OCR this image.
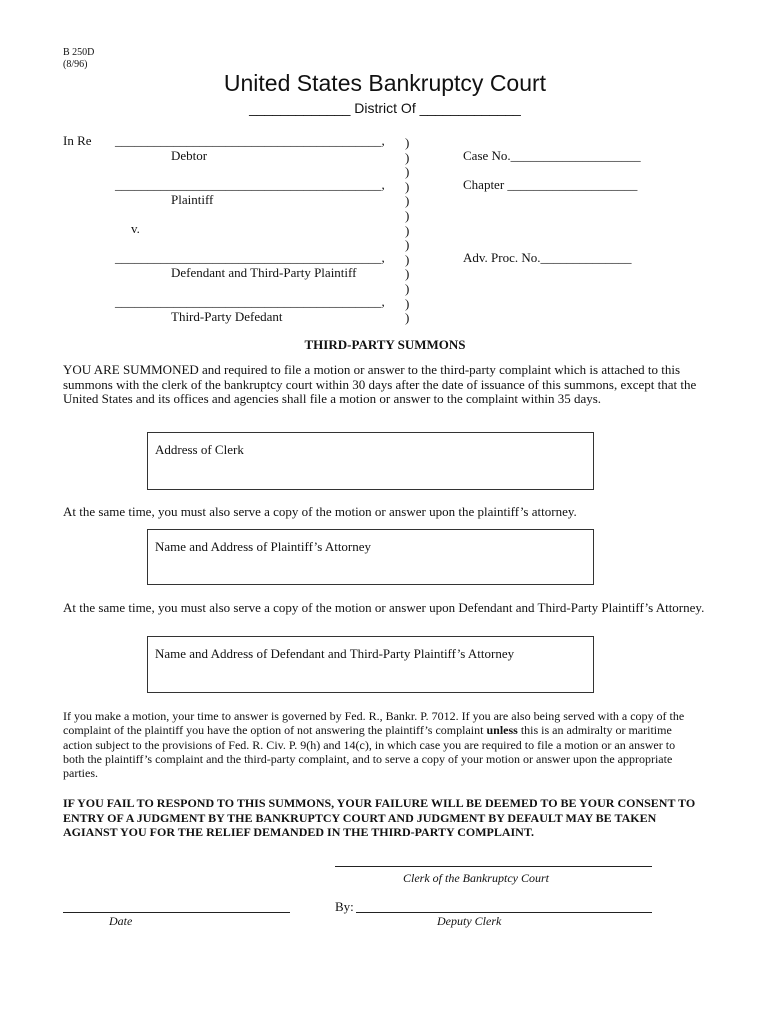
B 250D
(8/96)
United States Bankruptcy Court
_____________ District Of _____________
In Re _________________________________________,
Debtor
_________________________________________,
Plaintiff
v.
_________________________________________,
Defendant and Third-Party Plaintiff
_________________________________________,
Third-Party Defedant
)
)
)
)
)
)
)
)
)
)
)
)
)
Case No.____________________
Chapter ____________________
Adv. Proc. No.______________
THIRD-PARTY SUMMONS
YOU ARE SUMMONED and required to file a motion or answer to the third-party complaint which is attached to this summons with the clerk of the bankruptcy court within 30 days after the date of issuance of this summons, except that the United States and its offices and agencies shall file a motion or answer to the complaint within 35 days.
Address of Clerk
At the same time, you must also serve a copy of the motion or answer upon the plaintiff’s attorney.
Name and Address of Plaintiff’s Attorney
At the same time, you must also serve a copy of the motion or answer upon Defendant and Third-Party Plaintiff’s Attorney.
Name and Address of Defendant and Third-Party Plaintiff’s Attorney
If you make a motion, your time to answer is governed by Fed. R., Bankr. P. 7012. If you are also being served with a copy of the complaint of the plaintiff you have the option of not answering the plaintiff’s complaint unless this is an admiralty or maritime action subject to the provisions of Fed. R. Civ. P. 9(h) and 14(c), in which case you are required to file a motion or an answer to both the plaintiff’s complaint and the third-party complaint, and to serve a copy of your motion or answer upon the appropriate parties.
IF YOU FAIL TO RESPOND TO THIS SUMMONS, YOUR FAILURE WILL BE DEEMED TO BE YOUR CONSENT TO ENTRY OF A JUDGMENT BY THE BANKRUPTCY COURT AND JUDGMENT BY DEFAULT MAY BE TAKEN AGIANST YOU FOR THE RELIEF DEMANDED IN THE THIRD-PARTY COMPLAINT.
Clerk of the Bankruptcy Court
By:
Deputy Clerk
Date
